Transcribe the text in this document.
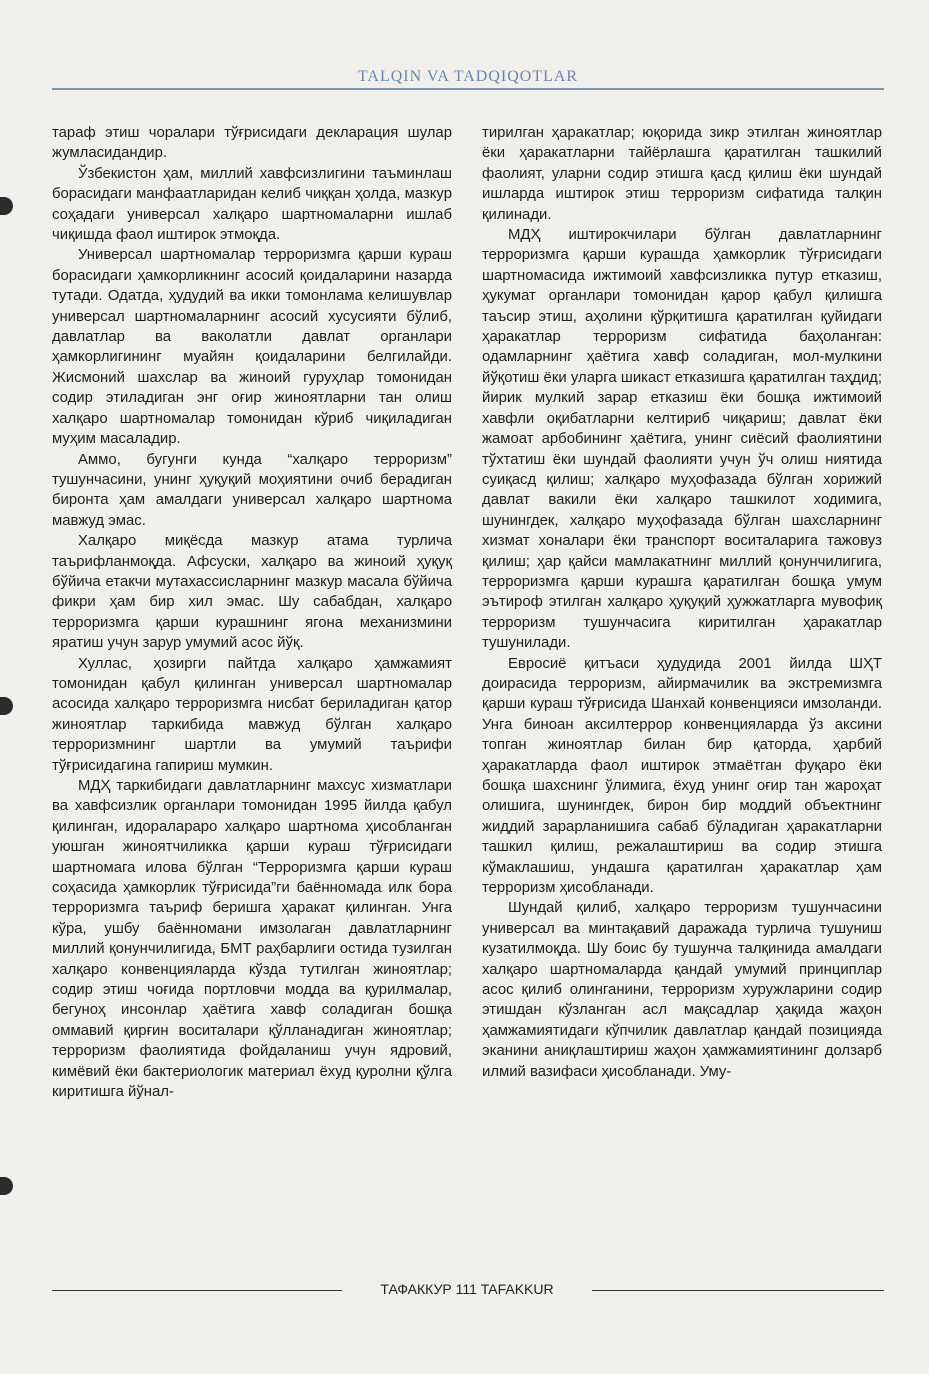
TALQIN VA TADQIQOTLAR

тараф этиш чоралари тўғрисидаги декларация шулар жумласидандир.

Ўзбекистон ҳам, миллий хавфсизлигини таъминлаш борасидаги манфаатларидан келиб чиққан ҳолда, мазкур соҳадаги универсал халқаро шартномаларни ишлаб чиқишда фаол иштирок этмоқда.

Универсал шартномалар терроризмга қарши кураш борасидаги ҳамкорликнинг асосий қоидаларини назарда тутади. Одатда, ҳудудий ва икки томонлама келишувлар универсал шартномаларнинг асосий хусусияти бўлиб, давлатлар ва ваколатли давлат органлари ҳамкорлигининг муайян қоидаларини белгилайди. Жисмоний шахслар ва жиноий гуруҳлар томонидан содир этиладиган энг оғир жиноятларни тан олиш халқаро шартномалар томонидан кўриб чиқиладиган муҳим масаладир.

Аммо, бугунги кунда “халқаро терроризм” тушунчасини, унинг ҳуқуқий моҳиятини очиб берадиган биронта ҳам амалдаги универсал халқаро шартнома мавжуд эмас.

Халқаро миқёсда мазкур атама турлича таърифланмоқда. Афсуски, халқаро ва жиноий ҳуқуқ бўйича етакчи мутахассисларнинг мазкур масала бўйича фикри ҳам бир хил эмас. Шу сабабдан, халқаро терроризмга қарши курашнинг ягона механизмини яратиш учун зарур умумий асос йўқ.

Хуллас, ҳозирги пайтда халқаро ҳамжамият томонидан қабул қилинган универсал шартномалар асосида халқаро терроризмга нисбат бериладиган қатор жиноятлар таркибида мавжуд бўлган халқаро терроризмнинг шартли ва умумий таърифи тўғрисидагина гапириш мумкин.

МДҲ таркибидаги давлатларнинг махсус хизматлари ва хавфсизлик органлари томонидан 1995 йилда қабул қилинган, идоралараро халқаро шартнома ҳисобланган уюшган жиноятчиликка қарши кураш тўғрисидаги шартномага илова бўлган “Терроризмга қарши кураш соҳасида ҳамкорлик тўғрисида”ги баённомада илк бора терроризмга таъриф беришга ҳаракат қилинган. Унга кўра, ушбу баённомани имзолаган давлатларнинг миллий қонунчилигида, БМТ раҳбарлиги остида тузилган халқаро конвенцияларда кўзда тутилган жиноятлар; содир этиш чоғида портловчи модда ва қурилмалар, бегуноҳ инсонлар ҳаётига хавф соладиган бошқа оммавий қирғин воситалари қўлланадиган жиноятлар; терроризм фаолиятида фойдаланиш учун ядровий, кимёвий ёки бактериологик материал ёхуд қуролни қўлга киритишга йўнал-

тирилган ҳаракатлар; юқорида зикр этилган жиноятлар ёки ҳаракатларни тайёрлашга қаратилган ташкилий фаолият, уларни содир этишга қасд қилиш ёки шундай ишларда иштирок этиш терроризм сифатида талқин қилинади.

МДҲ иштирокчилари бўлган давлатларнинг терроризмга қарши курашда ҳамкорлик тўғрисидаги шартномасида ижтимоий хавфсизликка путур етказиш, ҳукумат органлари томонидан қарор қабул қилишга таъсир этиш, аҳолини қўрқитишга қаратилган қуйидаги ҳаракатлар терроризм сифатида баҳоланган: одамларнинг ҳаётига хавф соладиган, мол-мулкини йўқотиш ёки уларга шикаст етказишга қаратилган таҳдид; йирик мулкий зарар етказиш ёки бошқа ижтимоий хавфли оқибатларни келтириб чиқариш; давлат ёки жамоат арбобининг ҳаётига, унинг сиёсий фаолиятини тўхтатиш ёки шундай фаолияти учун ўч олиш ниятида суиқасд қилиш; халқаро муҳофазада бўлган хорижий давлат вакили ёки халқаро ташкилот ходимига, шунингдек, халқаро муҳофазада бўлган шахсларнинг хизмат хоналари ёки транспорт воситаларига тажовуз қилиш; ҳар қайси мамлакатнинг миллий қонунчилигига, терроризмга қарши курашга қаратилган бошқа умум эътироф этилган халқаро ҳуқуқий ҳужжатларга мувофиқ терроризм тушунчасига киритилган ҳаракатлар тушунилади.

Евросиё қитъаси ҳудудида 2001 йилда ШҲТ доирасида терроризм, айирмачилик ва экстремизмга қарши кураш тўғрисида Шанхай конвенцияси имзоланди. Унга биноан аксилтеррор конвенцияларда ўз аксини топган жиноятлар билан бир қаторда, ҳарбий ҳаракатларда фаол иштирок этмаётган фуқаро ёки бошқа шахснинг ўлимига, ёхуд унинг оғир тан жароҳат олишига, шунингдек, бирон бир моддий объектнинг жиддий зарарланишига сабаб бўладиган ҳаракатларни ташкил қилиш, режалаштириш ва содир этишга кўмаклашиш, ундашга қаратилган ҳаракатлар ҳам терроризм ҳисобланади.

Шундай қилиб, халқаро терроризм тушунчасини универсал ва минтақавий даражада турлича тушуниш кузатилмоқда. Шу боис бу тушунча талқинида амалдаги халқаро шартномаларда қандай умумий принциплар асос қилиб олинганини, терроризм хуружларини содир этишдан кўзланган асл мақсадлар ҳақида жаҳон ҳамжамиятидаги кўпчилик давлатлар қандай позицияда эканини аниқлаштириш жаҳон ҳамжамиятининг долзарб илмий вазифаси ҳисобланади. Уму-

ТАФАККУР 111 TAFAKKUR
